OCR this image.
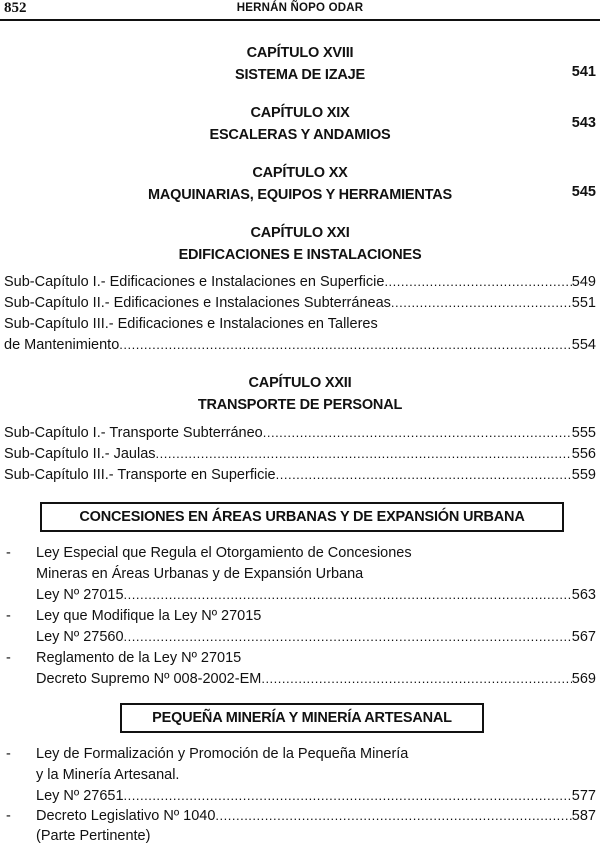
852	HERNÁN ÑOPO ODAR
CAPÍTULO XVIII
SISTEMA DE IZAJE	541
CAPÍTULO XIX
ESCALERAS Y ANDAMIOS
543
CAPÍTULO XX
MAQUINARIAS, EQUIPOS Y HERRAMIENTAS	545
CAPÍTULO XXI
EDIFICACIONES E INSTALACIONES
Sub-Capítulo I.- Edificaciones e Instalaciones en Superficie .....	549
Sub-Capítulo II.- Edificaciones e Instalaciones Subterráneas .....	551
Sub-Capítulo III.- Edificaciones e Instalaciones en Talleres
de Mantenimiento .....	554
CAPÍTULO XXII
TRANSPORTE DE PERSONAL
Sub-Capítulo I.- Transporte Subterráneo .....	555
Sub-Capítulo II.- Jaulas .....	556
Sub-Capítulo III.- Transporte en Superficie .....	559
CONCESIONES EN ÁREAS URBANAS Y DE EXPANSIÓN URBANA
- Ley Especial que Regula el Otorgamiento de Concesiones
Mineras en Áreas Urbanas y de Expansión Urbana
Ley Nº 27015 .....	563
- Ley que Modifique la Ley Nº 27015
Ley Nº 27560 .....	567
- Reglamento de la Ley Nº 27015
Decreto Supremo Nº 008-2002-EM .....	569
PEQUEÑA MINERÍA Y MINERÍA ARTESANAL
- Ley de Formalización y Promoción de la Pequeña Minería
y la Minería Artesanal.
Ley Nº 27651 .....	577
- Decreto Legislativo Nº 1040 .....	587
(Parte Pertinente)
